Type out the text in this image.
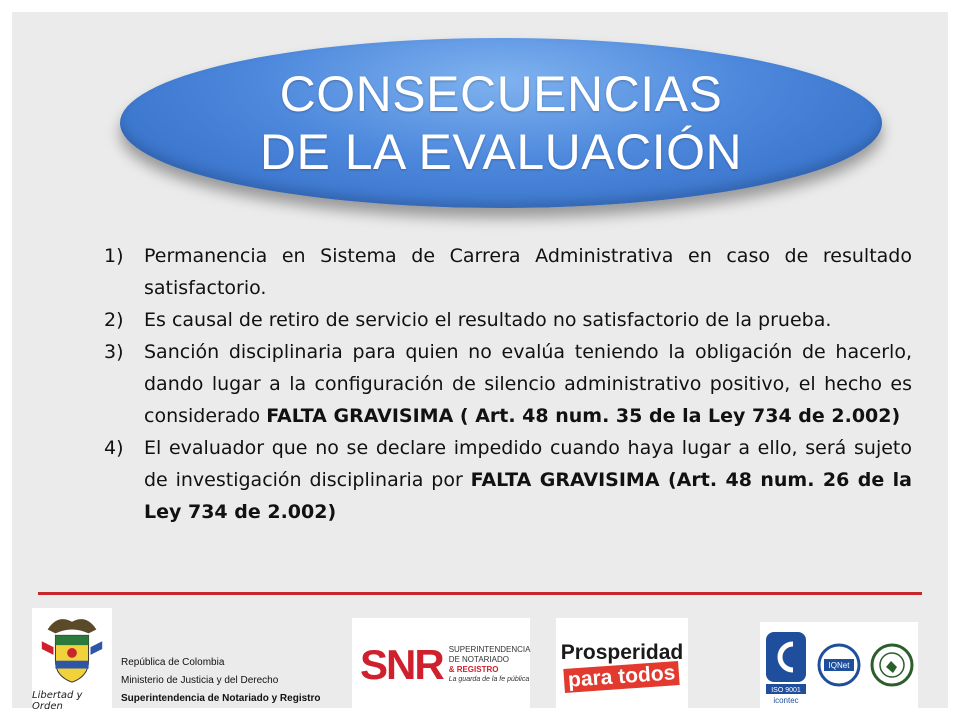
CONSECUENCIAS
DE LA EVALUACIÓN
1)	Permanencia en Sistema de Carrera Administrativa en caso de resultado satisfactorio.
2)	Es causal de retiro de servicio el resultado no satisfactorio de la prueba.
3)	Sanción disciplinaria para quien no evalúa teniendo la obligación de hacerlo, dando lugar a la configuración de silencio administrativo positivo, el hecho es considerado FALTA GRAVISIMA ( Art. 48 num. 35 de la Ley 734 de 2.002)
4)	El evaluador que no se declare impedido cuando haya lugar a ello, será sujeto de investigación disciplinaria por FALTA GRAVISIMA (Art. 48 num. 26 de la Ley 734 de 2.002)
Libertad y Orden
República de Colombia
Ministerio de Justicia y del Derecho
Superintendencia de Notariado y Registro
SNR SUPERINTENDENCIA
DE NOTARIADO
& REGISTRO
La guarda de la fe pública
Prosperidad
para todos	ISO 9001
icontec
IQNet
